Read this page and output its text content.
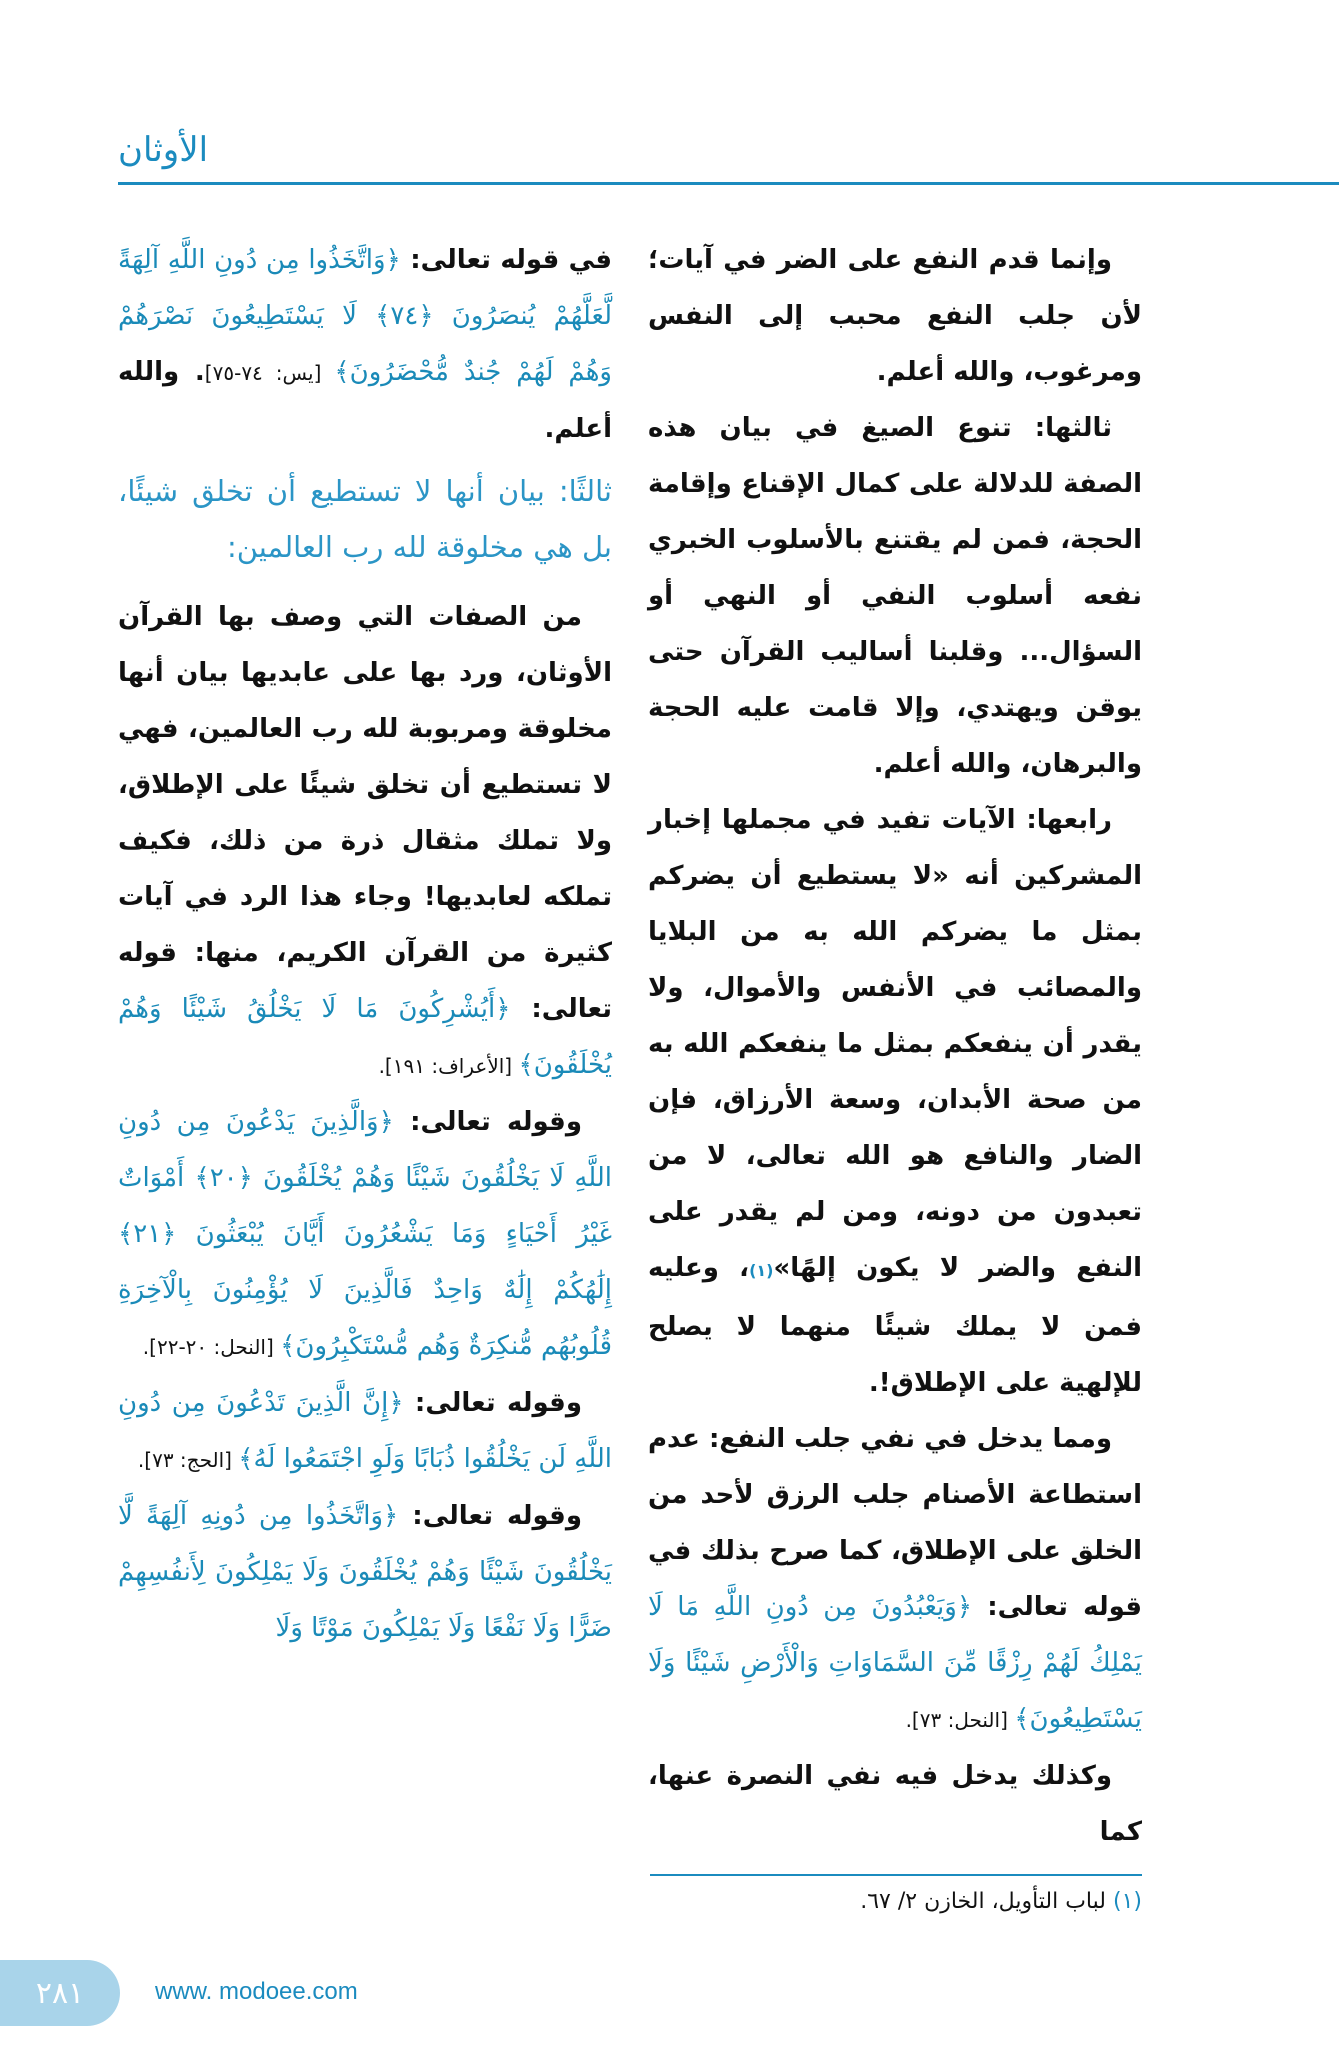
الأوثان

في قوله تعالى: ﴿وَاتَّخَذُوا مِن دُونِ اللَّهِ آلِهَةً لَّعَلَّهُمْ يُنصَرُونَ ﴿٧٤﴾ لَا يَسْتَطِيعُونَ نَصْرَهُمْ وَهُمْ لَهُمْ جُندٌ مُّحْضَرُونَ﴾ [يس: ٧٤-٧٥]. والله أعلم.

ثالثًا: بيان أنها لا تستطيع أن تخلق شيئًا، بل هي مخلوقة لله رب العالمين:

من الصفات التي وصف بها القرآن الأوثان، ورد بها على عابديها بيان أنها مخلوقة ومربوبة لله رب العالمين، فهي لا تستطيع أن تخلق شيئًا على الإطلاق، ولا تملك مثقال ذرة من ذلك، فكيف تملكه لعابديها! وجاء هذا الرد في آيات كثيرة من القرآن الكريم، منها: قوله تعالى: ﴿أَيُشْرِكُونَ مَا لَا يَخْلُقُ شَيْئًا وَهُمْ يُخْلَقُونَ﴾ [الأعراف: ١٩١].

وقوله تعالى: ﴿وَالَّذِينَ يَدْعُونَ مِن دُونِ اللَّهِ لَا يَخْلُقُونَ شَيْئًا وَهُمْ يُخْلَقُونَ ﴿٢٠﴾ أَمْوَاتٌ غَيْرُ أَحْيَاءٍ وَمَا يَشْعُرُونَ أَيَّانَ يُبْعَثُونَ ﴿٢١﴾ إِلَٰهُكُمْ إِلَٰهٌ وَاحِدٌ فَالَّذِينَ لَا يُؤْمِنُونَ بِالْآخِرَةِ قُلُوبُهُم مُّنكِرَةٌ وَهُم مُّسْتَكْبِرُونَ﴾ [النحل: ٢٠-٢٢].

وقوله تعالى: ﴿إِنَّ الَّذِينَ تَدْعُونَ مِن دُونِ اللَّهِ لَن يَخْلُقُوا ذُبَابًا وَلَوِ اجْتَمَعُوا لَهُ﴾ [الحج: ٧٣].

وقوله تعالى: ﴿وَاتَّخَذُوا مِن دُونِهِ آلِهَةً لَّا يَخْلُقُونَ شَيْئًا وَهُمْ يُخْلَقُونَ وَلَا يَمْلِكُونَ لِأَنفُسِهِمْ ضَرًّا وَلَا نَفْعًا وَلَا يَمْلِكُونَ مَوْتًا وَلَا

وإنما قدم النفع على الضر في آيات؛ لأن جلب النفع محبب إلى النفس ومرغوب، والله أعلم.

ثالثها: تنوع الصيغ في بيان هذه الصفة للدلالة على كمال الإقناع وإقامة الحجة، فمن لم يقتنع بالأسلوب الخبري نفعه أسلوب النفي أو النهي أو السؤال... وقلبنا أساليب القرآن حتى يوقن ويهتدي، وإلا قامت عليه الحجة والبرهان، والله أعلم.

رابعها: الآيات تفيد في مجملها إخبار المشركين أنه «لا يستطيع أن يضركم بمثل ما يضركم الله به من البلايا والمصائب في الأنفس والأموال، ولا يقدر أن ينفعكم بمثل ما ينفعكم الله به من صحة الأبدان، وسعة الأرزاق، فإن الضار والنافع هو الله تعالى، لا من تعبدون من دونه، ومن لم يقدر على النفع والضر لا يكون إلهًا»(١)، وعليه فمن لا يملك شيئًا منهما لا يصلح للإلهية على الإطلاق!.

ومما يدخل في نفي جلب النفع: عدم استطاعة الأصنام جلب الرزق لأحد من الخلق على الإطلاق، كما صرح بذلك في قوله تعالى: ﴿وَيَعْبُدُونَ مِن دُونِ اللَّهِ مَا لَا يَمْلِكُ لَهُمْ رِزْقًا مِّنَ السَّمَاوَاتِ وَالْأَرْضِ شَيْئًا وَلَا يَسْتَطِيعُونَ﴾ [النحل: ٧٣].

وكذلك يدخل فيه نفي النصرة عنها، كما

(١) لباب التأويل، الخازن ٢/ ٦٧.
٢٨١	www. modoee.com
